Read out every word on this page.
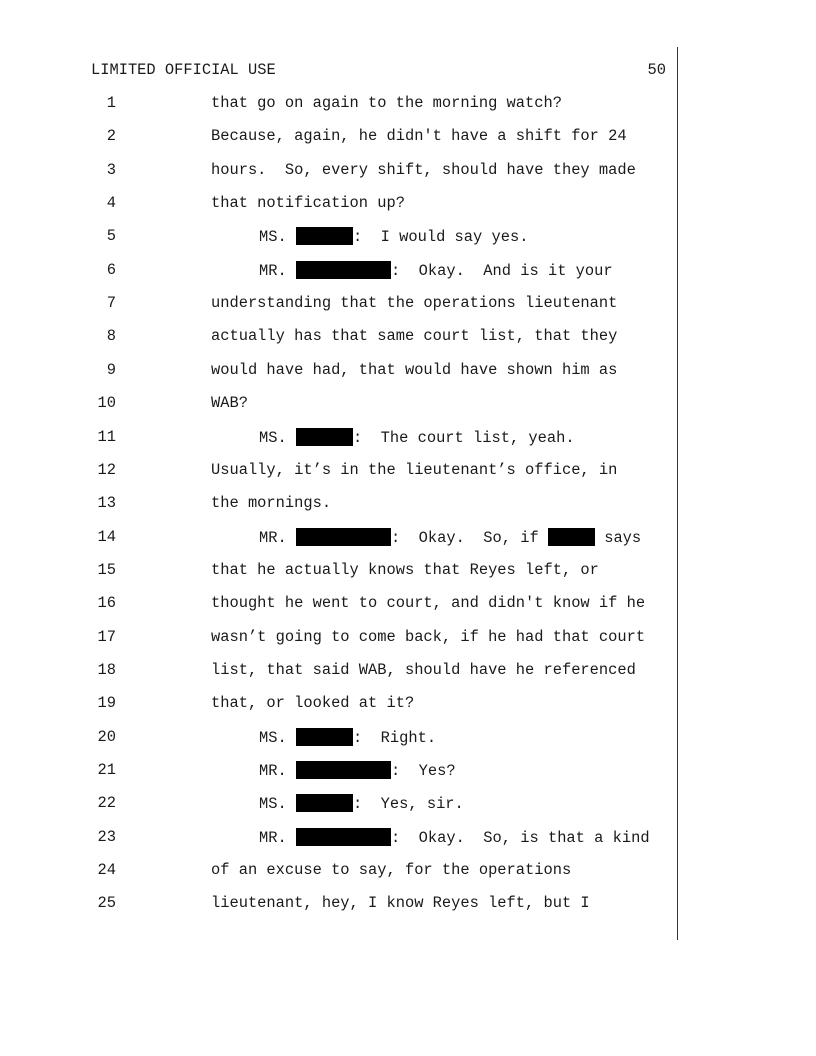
LIMITED OFFICIAL USE	50
1	that go on again to the morning watch?
2	Because, again, he didn't have a shift for 24
3	hours.  So, every shift, should have they made
4	that notification up?
5	MS.	:  I would say yes.
6	MR.	:  Okay.  And is it your
7	understanding that the operations lieutenant
8	actually has that same court list, that they
9	would have had, that would have shown him as
10	WAB?
11	MS.	:  The court list, yeah.
12	Usually, it’s in the lieutenant’s office, in
13	the mornings.
14	MR.	:  Okay.  So, if	says
15	that he actually knows that Reyes left, or
16	thought he went to court, and didn't know if he
17	wasn’t going to come back, if he had that court
18	list, that said WAB, should have he referenced
19	that, or looked at it?
20	MS.	:  Right.
21	MR.	:  Yes?
22	MS.	:  Yes, sir.
23	MR.	:  Okay.  So, is that a kind
24	of an excuse to say, for the operations
25	lieutenant, hey, I know Reyes left, but I
